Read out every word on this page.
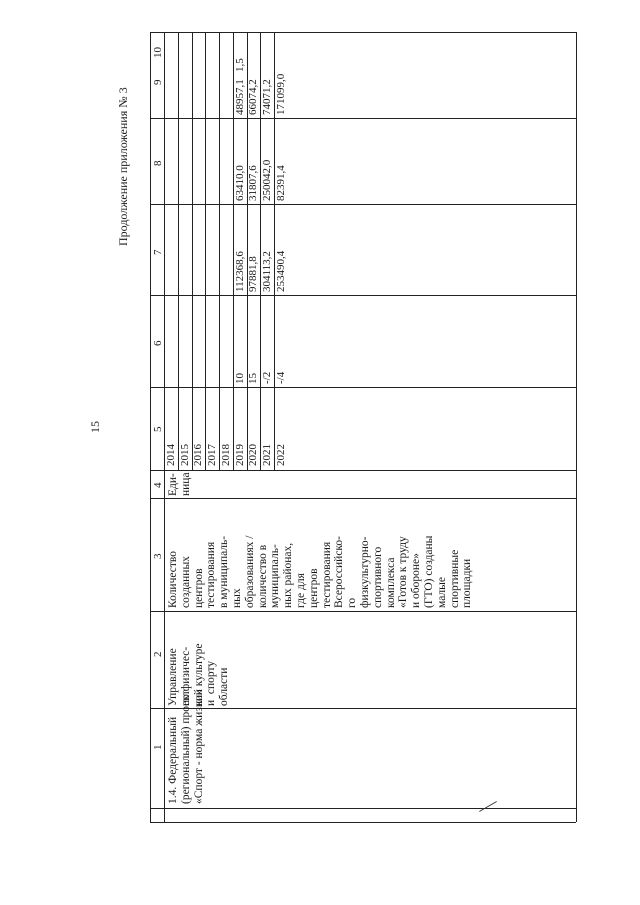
15
Продолжение приложения № 3
1
2
3
4
5
6
7
8
9
10
1.4. Федеральный
(региональный) проект
«Спорт - норма жизни»
Управление
по физичес-
кой культуре
и  спорту
области
Количество
созданных
центров
тестирования
в муниципаль-
ных
образованиях /
количество в
муниципаль-
ных районах,
где для
центров
тестирования
Всероссийско-
го
физкультурно-
спортивного
комплекса
«Готов к труду
и обороне»
(ГТО) созданы
малые
спортивные
площадки
Еди-
ница
2014 2015 2016 2017 2018 2019 2020 2021 2022
10 15 -/2 -/4
112368,6 97881,8 304113,2 253490,4
63410,0 31807,6 250042,0 82391,4
48957,1 66074,2 74071,2 171099,0
1,5
